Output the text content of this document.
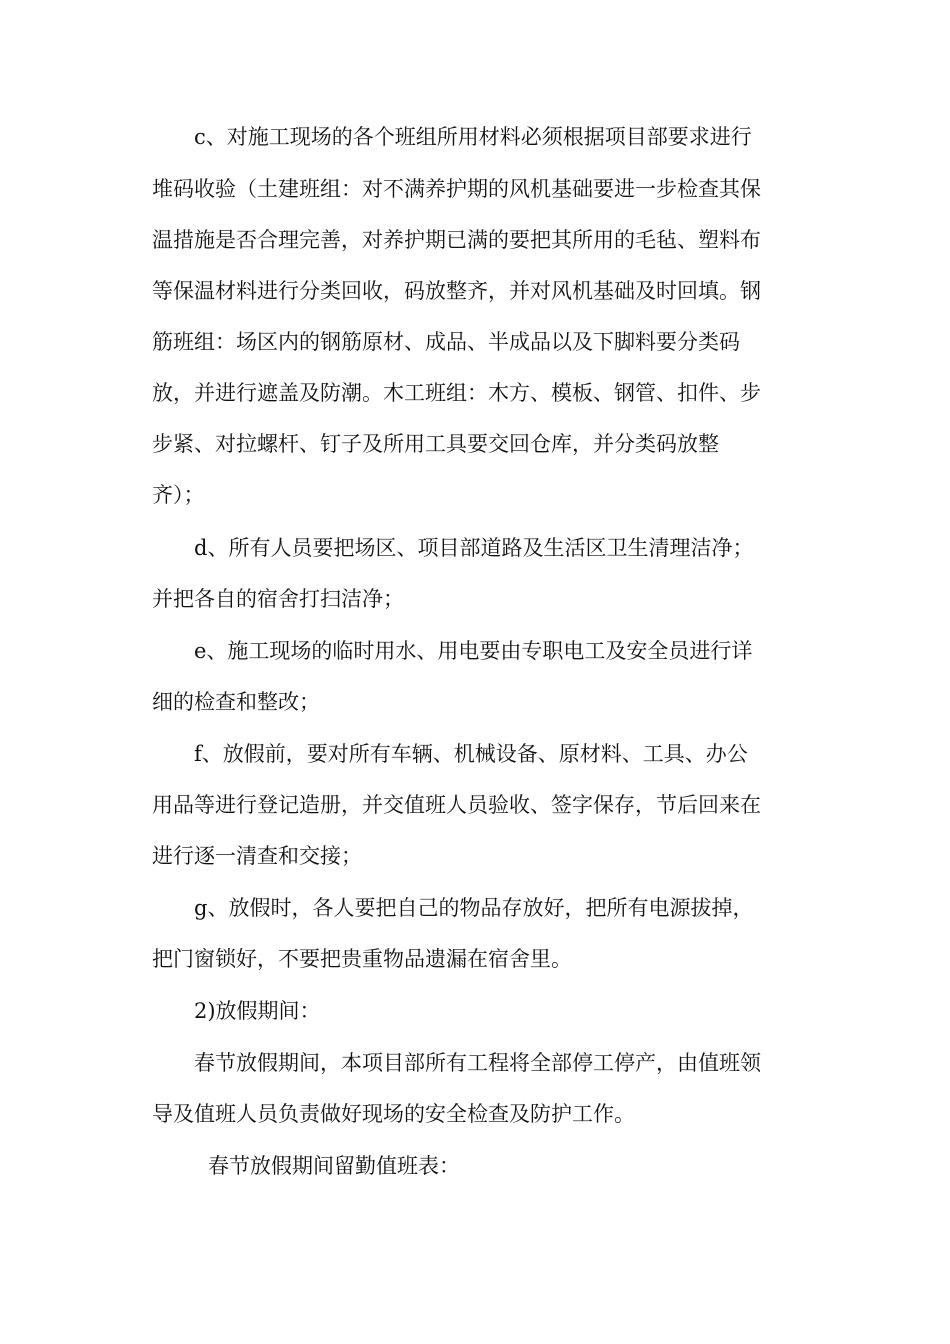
c、对施工现场的各个班组所用材料必须根据项目部要求进行
堆码收验（土建班组：对不满养护期的风机基础要进一步检查其保
温措施是否合理完善，对养护期已满的要把其所用的毛毡、塑料布
等保温材料进行分类回收，码放整齐，并对风机基础及时回填。钢
筋班组：场区内的钢筋原材、成品、半成品以及下脚料要分类码
放，并进行遮盖及防潮。木工班组：木方、模板、钢管、扣件、步
步紧、对拉螺杆、钉子及所用工具要交回仓库，并分类码放整
齐）；
d、所有人员要把场区、项目部道路及生活区卫生清理洁净；
并把各自的宿舍打扫洁净；
e、施工现场的临时用水、用电要由专职电工及安全员进行详
细的检查和整改；
f、放假前，要对所有车辆、机械设备、原材料、工具、办公
用品等进行登记造册，并交值班人员验收、签字保存，节后回来在
进行逐一清查和交接；
g、放假时，各人要把自己的物品存放好，把所有电源拔掉，
把门窗锁好，不要把贵重物品遗漏在宿舍里。
2)放假期间：
春节放假期间，本项目部所有工程将全部停工停产，由值班领
导及值班人员负责做好现场的安全检查及防护工作。
春节放假期间留勤值班表：
